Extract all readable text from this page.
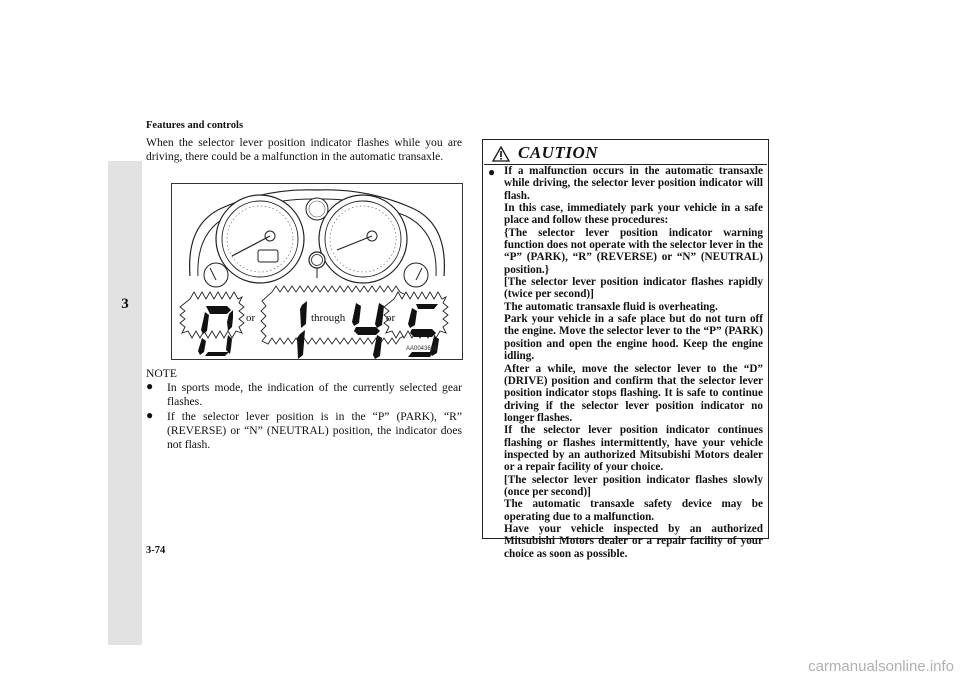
3
Features and controls

When the selector lever position indicator flashes while you are driving, there could be a malfunction in the automatic transaxle.

or	through	or
AA0043681
NOTE
● In sports mode, the indication of the currently selected gear flashes.
● If the selector lever position is in the “P” (PARK), “R” (REVERSE) or “N” (NEUTRAL) position, the indicator does not flash.
CAUTION
● If a malfunction occurs in the automatic transaxle while driving, the selector lever position indicator will flash.

In this case, immediately park your vehicle in a safe place and follow these procedures:

{The selector lever position indicator warning function does not operate with the selector lever in the “P” (PARK), “R” (REVERSE) or “N” (NEUTRAL) position.}

[The selector lever position indicator flashes rapidly (twice per second)]

The automatic transaxle fluid is overheating.

Park your vehicle in a safe place but do not turn off the engine. Move the selector lever to the “P” (PARK) position and open the engine hood. Keep the engine idling.

After a while, move the selector lever to the “D” (DRIVE) position and confirm that the selector lever position indicator stops flashing. It is safe to continue driving if the selector lever position indicator no longer flashes.

If the selector lever position indicator continues flashing or flashes intermittently, have your vehicle inspected by an authorized Mitsubishi Motors dealer or a repair facility of your choice.

[The selector lever position indicator flashes slowly (once per second)]

The automatic transaxle safety device may be operating due to a malfunction.

Have your vehicle inspected by an authorized Mitsubishi Motors dealer or a repair facility of your choice as soon as possible.

3-74
carmanualsonline.info
